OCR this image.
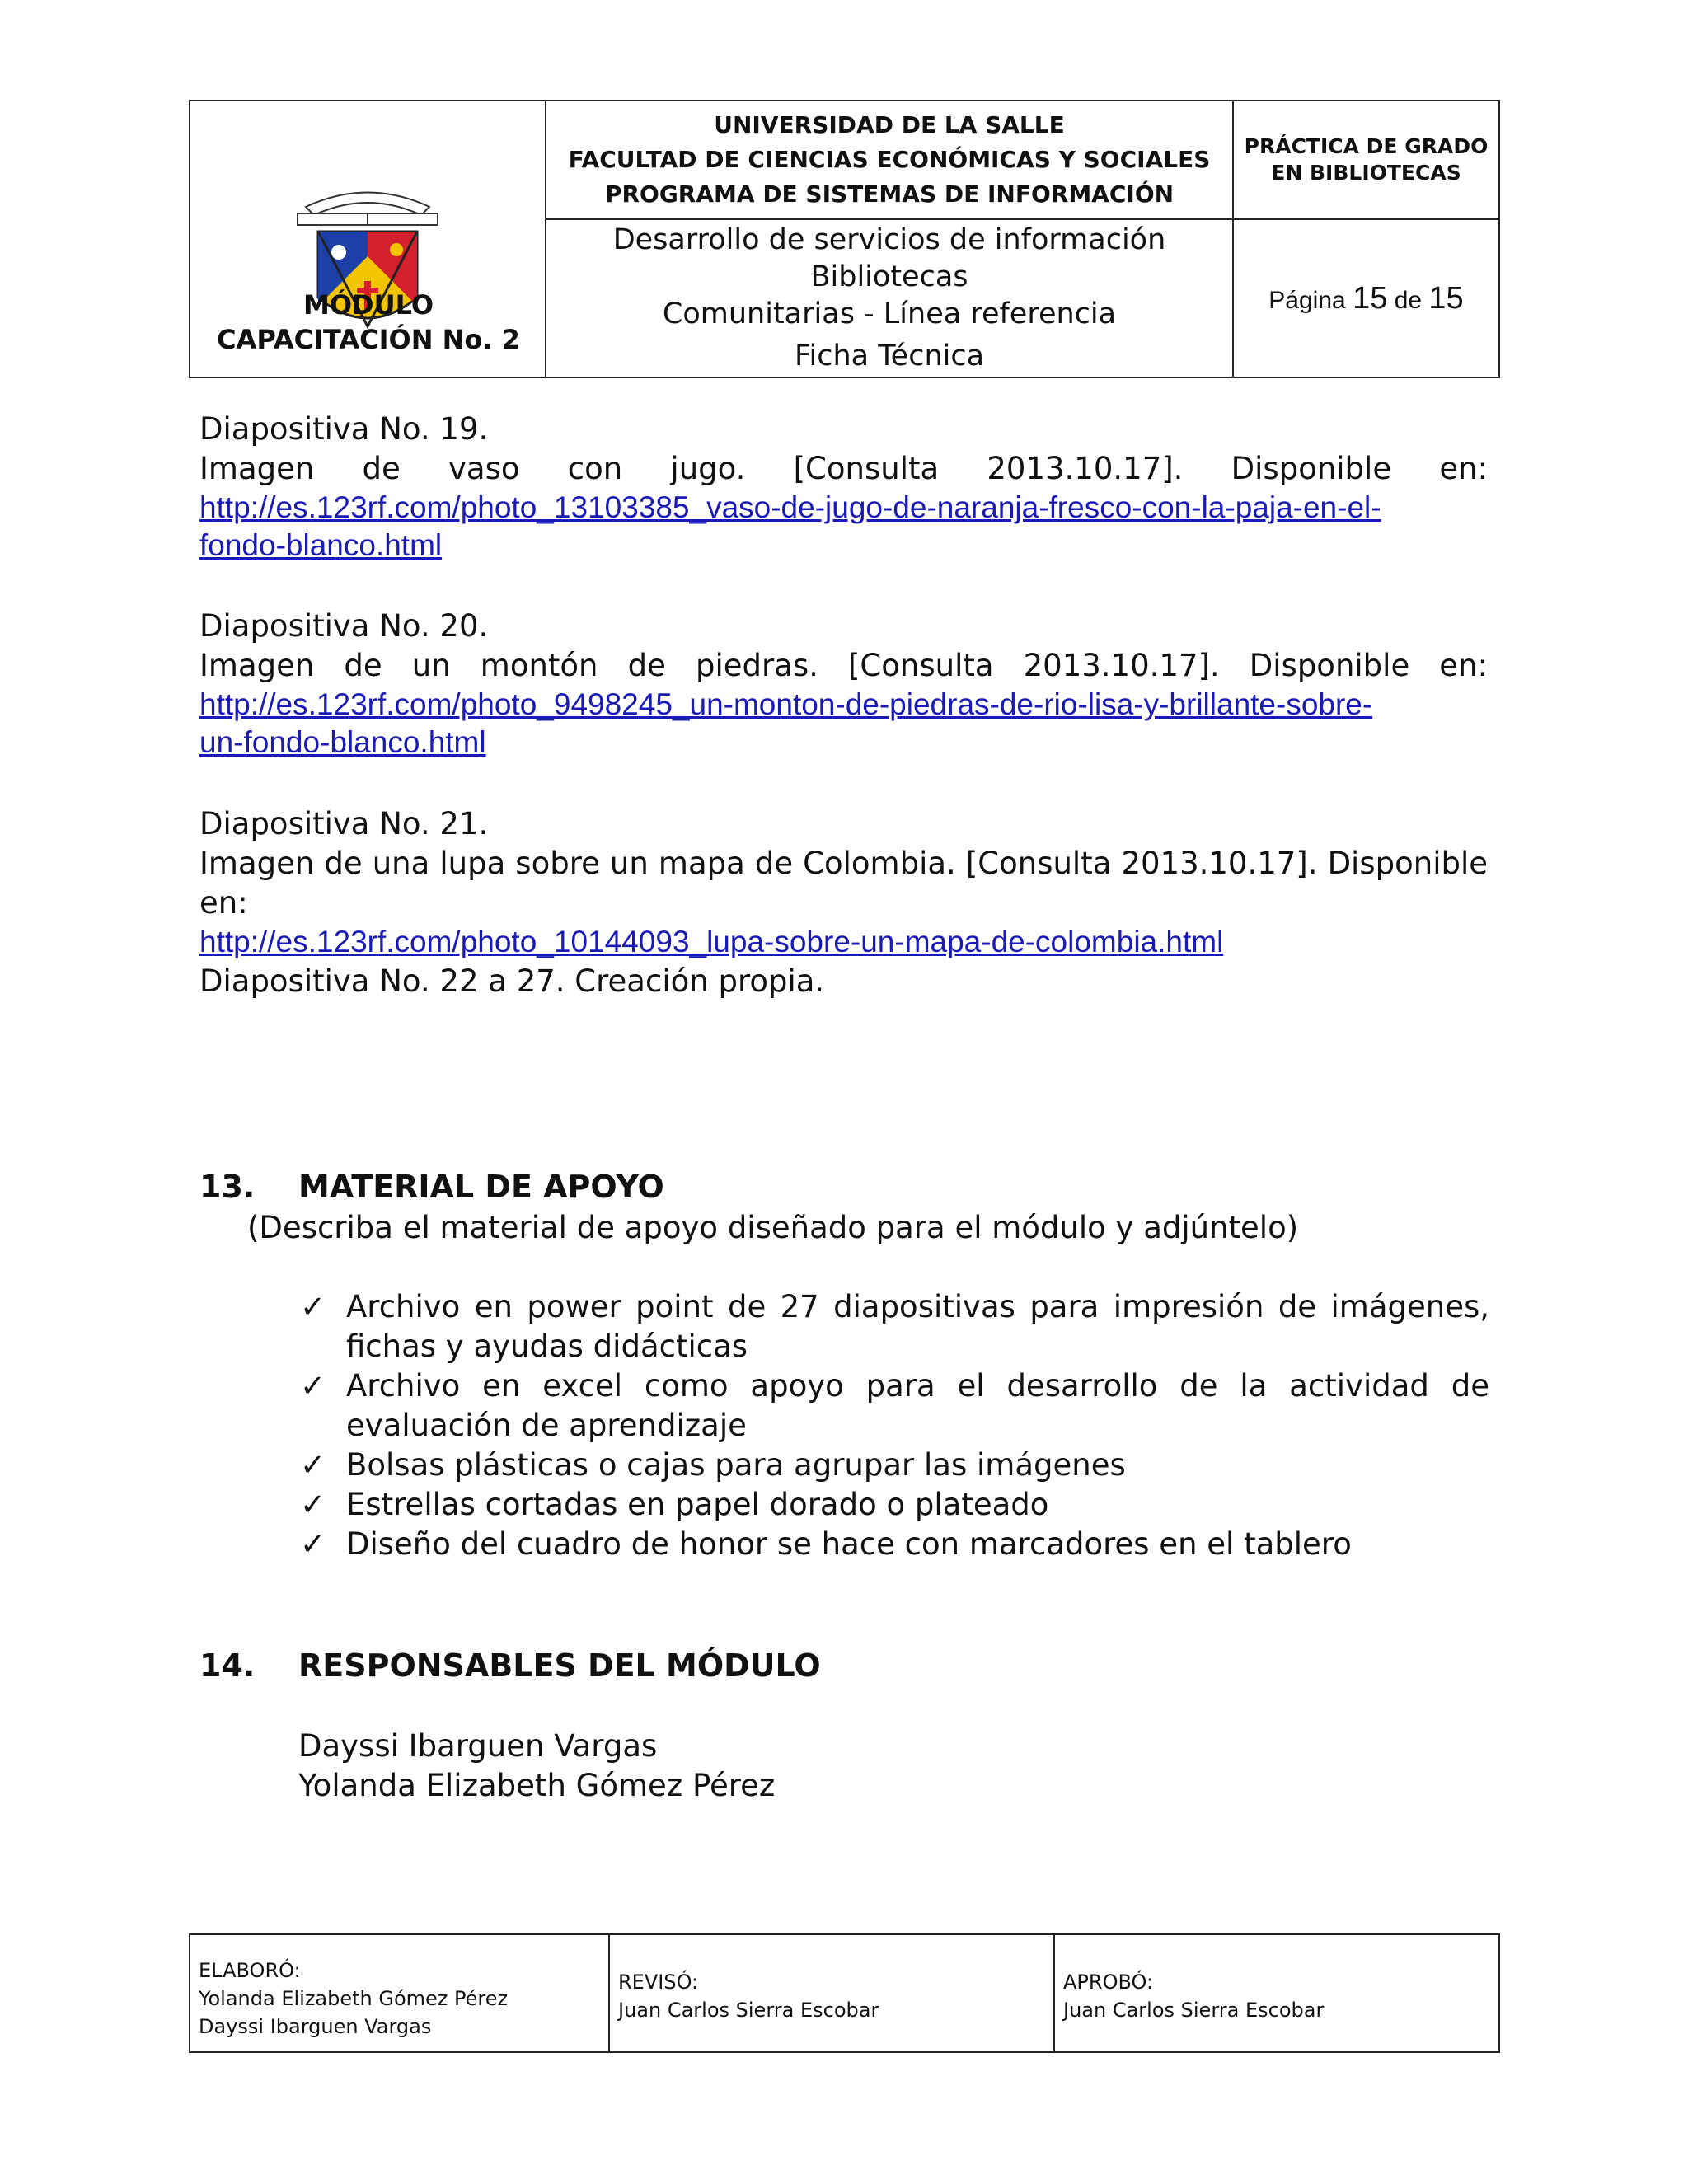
MÓDULO
CAPACITACIÓN No. 2
UNIVERSIDAD DE LA SALLE
FACULTAD DE CIENCIAS ECONÓMICAS Y SOCIALES
PROGRAMA DE SISTEMAS DE INFORMACIÓN
Desarrollo de servicios de información Bibliotecas
Comunitarias - Línea referencia
Ficha Técnica
PRÁCTICA DE GRADO
EN BIBLIOTECAS
Página 15 de 15
Diapositiva No. 19.
Imagen de vaso con jugo. [Consulta 2013.10.17]. Disponible en:
http://es.123rf.com/photo_13103385_vaso-de-jugo-de-naranja-fresco-con-la-paja-en-el-
fondo-blanco.html
Diapositiva No. 20.
Imagen de un montón de piedras. [Consulta 2013.10.17]. Disponible en:
http://es.123rf.com/photo_9498245_un-monton-de-piedras-de-rio-lisa-y-brillante-sobre-
un-fondo-blanco.html
Diapositiva No. 21.
Imagen de una lupa sobre un mapa de Colombia. [Consulta 2013.10.17]. Disponible en:
http://es.123rf.com/photo_10144093_lupa-sobre-un-mapa-de-colombia.html
Diapositiva No. 22 a 27. Creación propia.
13. MATERIAL DE APOYO
(Describa el material de apoyo diseñado para el módulo y adjúntelo)
✓ Archivo en power point de 27 diapositivas para impresión de imágenes, fichas y ayudas didácticas
✓ Archivo en excel como apoyo para el desarrollo de la actividad de evaluación de aprendizaje
✓ Bolsas plásticas o cajas para agrupar las imágenes
✓ Estrellas cortadas en papel dorado o plateado
✓ Diseño del cuadro de honor se hace con marcadores en el tablero
14. RESPONSABLES DEL MÓDULO
Dayssi Ibarguen Vargas
Yolanda Elizabeth Gómez Pérez
ELABORÓ:
Yolanda Elizabeth Gómez Pérez
Dayssi Ibarguen Vargas
REVISÓ:
Juan Carlos Sierra Escobar
APROBÓ:
Juan Carlos Sierra Escobar
